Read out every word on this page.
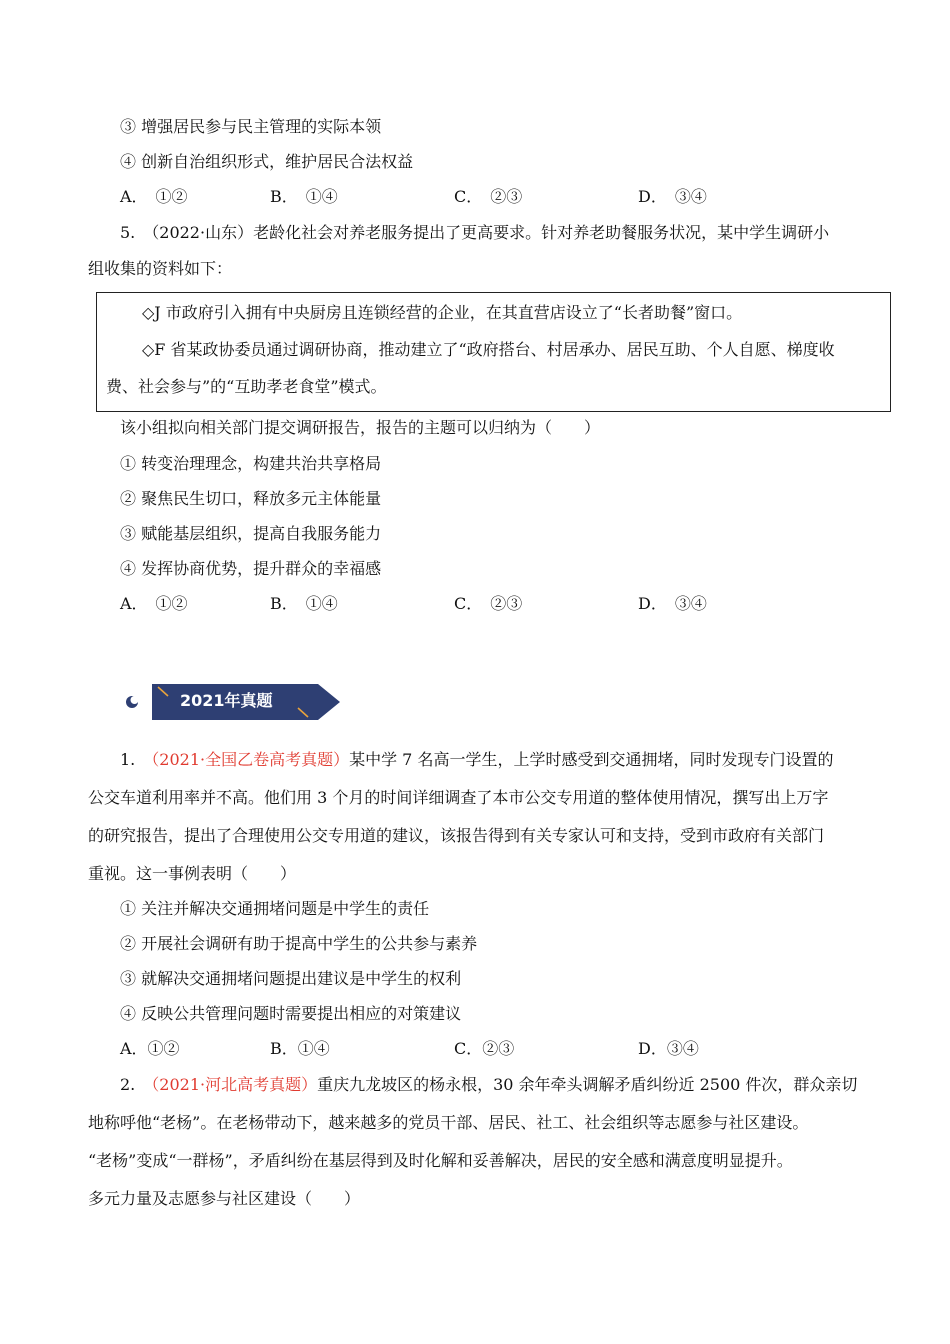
③ 增强居民参与民主管理的实际本领
④ 创新自治组织形式，维护居民合法权益
A．　①②	B．　①④	C．　②③	D．　③④
5.　（2022·山东）老龄化社会对养老服务提出了更高要求。针对养老助餐服务状况，某中学生调研小
组收集的资料如下：
◇J 市政府引入拥有中央厨房且连锁经营的企业，在其直营店设立了“长者助餐”窗口。
◇F 省某政协委员通过调研协商，推动建立了“政府搭台、村居承办、居民互助、个人自愿、梯度收
费、社会参与”的“互助孝老食堂”模式。
该小组拟向相关部门提交调研报告，报告的主题可以归纳为（　　）
① 转变治理理念，构建共治共享格局
② 聚焦民生切口，释放多元主体能量
③ 赋能基层组织，提高自我服务能力
④ 发挥协商优势，提升群众的幸福感
A．　①②	B．　①④	C．　②③	D．　③④
2021年真题
1.　（2021·全国乙卷高考真题）某中学 7 名高一学生，上学时感受到交通拥堵，同时发现专门设置的
公交车道利用率并不高。他们用 3 个月的时间详细调查了本市公交专用道的整体使用情况，撰写出上万字
的研究报告，提出了合理使用公交专用道的建议，该报告得到有关专家认可和支持，受到市政府有关部门
重视。这一事例表明（　　）
① 关注并解决交通拥堵问题是中学生的责任
② 开展社会调研有助于提高中学生的公共参与素养
③ 就解决交通拥堵问题提出建议是中学生的权利
④ 反映公共管理问题时需要提出相应的对策建议
A．①②	B．①④	C．②③	D．③④
2.　（2021·河北高考真题）重庆九龙坡区的杨永根，30 余年牵头调解矛盾纠纷近 2500 件次，群众亲切
地称呼他“老杨”。在老杨带动下，越来越多的党员干部、居民、社工、社会组织等志愿参与社区建设。
“老杨”变成“一群杨”，矛盾纠纷在基层得到及时化解和妥善解决，居民的安全感和满意度明显提升。
多元力量及志愿参与社区建设（　　）
